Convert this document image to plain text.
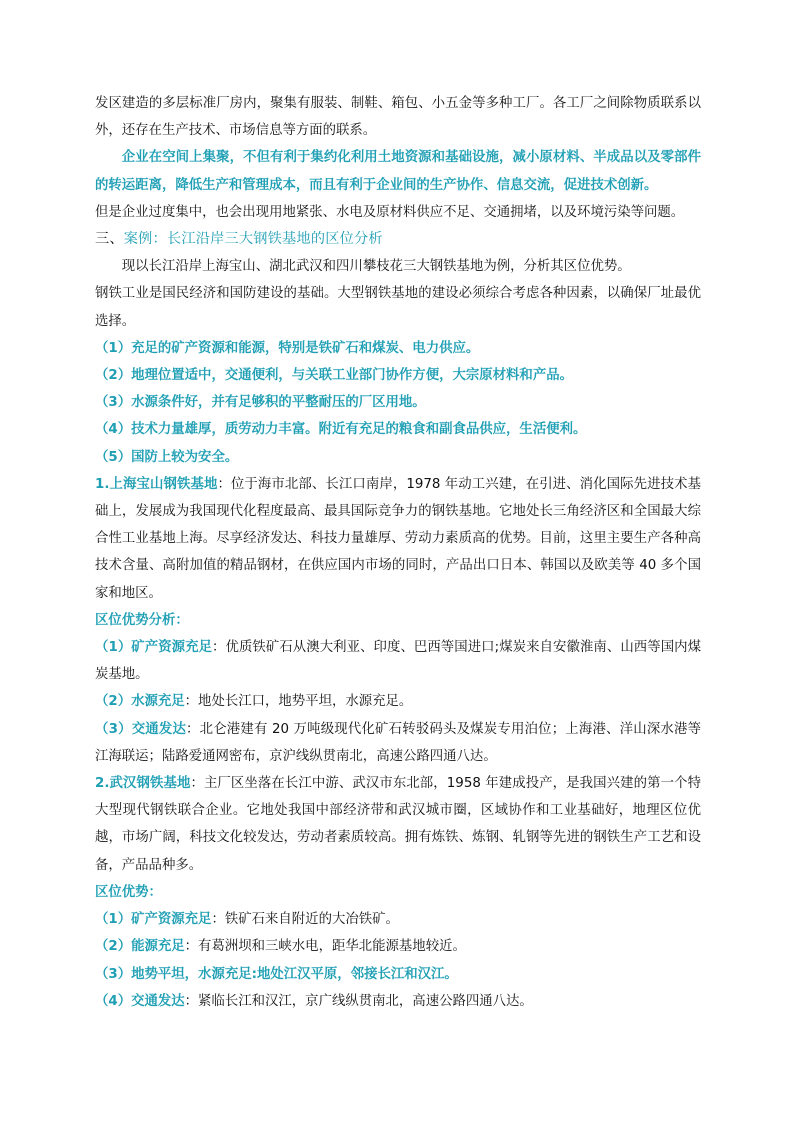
发区建造的多层标准厂房内，聚集有服装、制鞋、箱包、小五金等多种工厂。各工厂之间除物质联系以外，还存在生产技术、市场信息等方面的联系。

企业在空间上集聚，不但有利于集约化利用土地资源和基础设施，减小原材料、半成品以及零部件的转运距离，降低生产和管理成本，而且有利于企业间的生产协作、信息交流，促进技术创新。

但是企业过度集中，也会出现用地紧张、水电及原材料供应不足、交通拥堵，以及环境污染等问题。

三、案例：长江沿岸三大钢铁基地的区位分析

现以长江沿岸上海宝山、湖北武汉和四川攀枝花三大钢铁基地为例，分析其区位优势。

钢铁工业是国民经济和国防建设的基础。大型钢铁基地的建设必须综合考虑各种因素，以确保厂址最优选择。

（1）充足的矿产资源和能源，特别是铁矿石和煤炭、电力供应。

（2）地理位置适中，交通便利，与关联工业部门协作方便，大宗原材料和产品。

（3）水源条件好，并有足够积的平整耐压的厂区用地。

（4）技术力量雄厚，质劳动力丰富。附近有充足的粮食和副食品供应，生活便利。

（5）国防上较为安全。

1.上海宝山钢铁基地：位于海市北部、长江口南岸，1978 年动工兴建，在引进、消化国际先进技术基础上，发展成为我国现代化程度最高、最具国际竞争力的钢铁基地。它地处长三角经济区和全国最大综合性工业基地上海。尽享经济发达、科技力量雄厚、劳动力素质高的优势。目前，这里主要生产各种高技术含量、高附加值的精品钢材，在供应国内市场的同时，产品出口日本、韩国以及欧美等 40 多个国家和地区。

区位优势分析：

（1）矿产资源充足：优质铁矿石从澳大利亚、印度、巴西等国进口;煤炭来自安徽淮南、山西等国内煤炭基地。

（2）水源充足：地处长江口，地势平坦，水源充足。

（3）交通发达：北仑港建有 20 万吨级现代化矿石转驳码头及煤炭专用泊位；上海港、洋山深水港等江海联运；陆路爱通网密布，京沪线纵贯南北，高速公路四通八达。

2.武汉钢铁基地：主厂区坐落在长江中游、武汉市东北部，1958 年建成投产，是我国兴建的第一个特大型现代钢铁联合企业。它地处我国中部经济带和武汉城市圈，区域协作和工业基础好，地理区位优越，市场广阔，科技文化较发达，劳动者素质较高。拥有炼铁、炼钢、轧钢等先进的钢铁生产工艺和设备，产品品种多。

区位优势：

（1）矿产资源充足：铁矿石来自附近的大冶铁矿。

（2）能源充足：有葛洲坝和三峡水电，距华北能源基地较近。

（3）地势平坦，水源充足:地处江汉平原，邻接长江和汉江。

（4）交通发达：紧临长江和汉江，京广线纵贯南北，高速公路四通八达。
